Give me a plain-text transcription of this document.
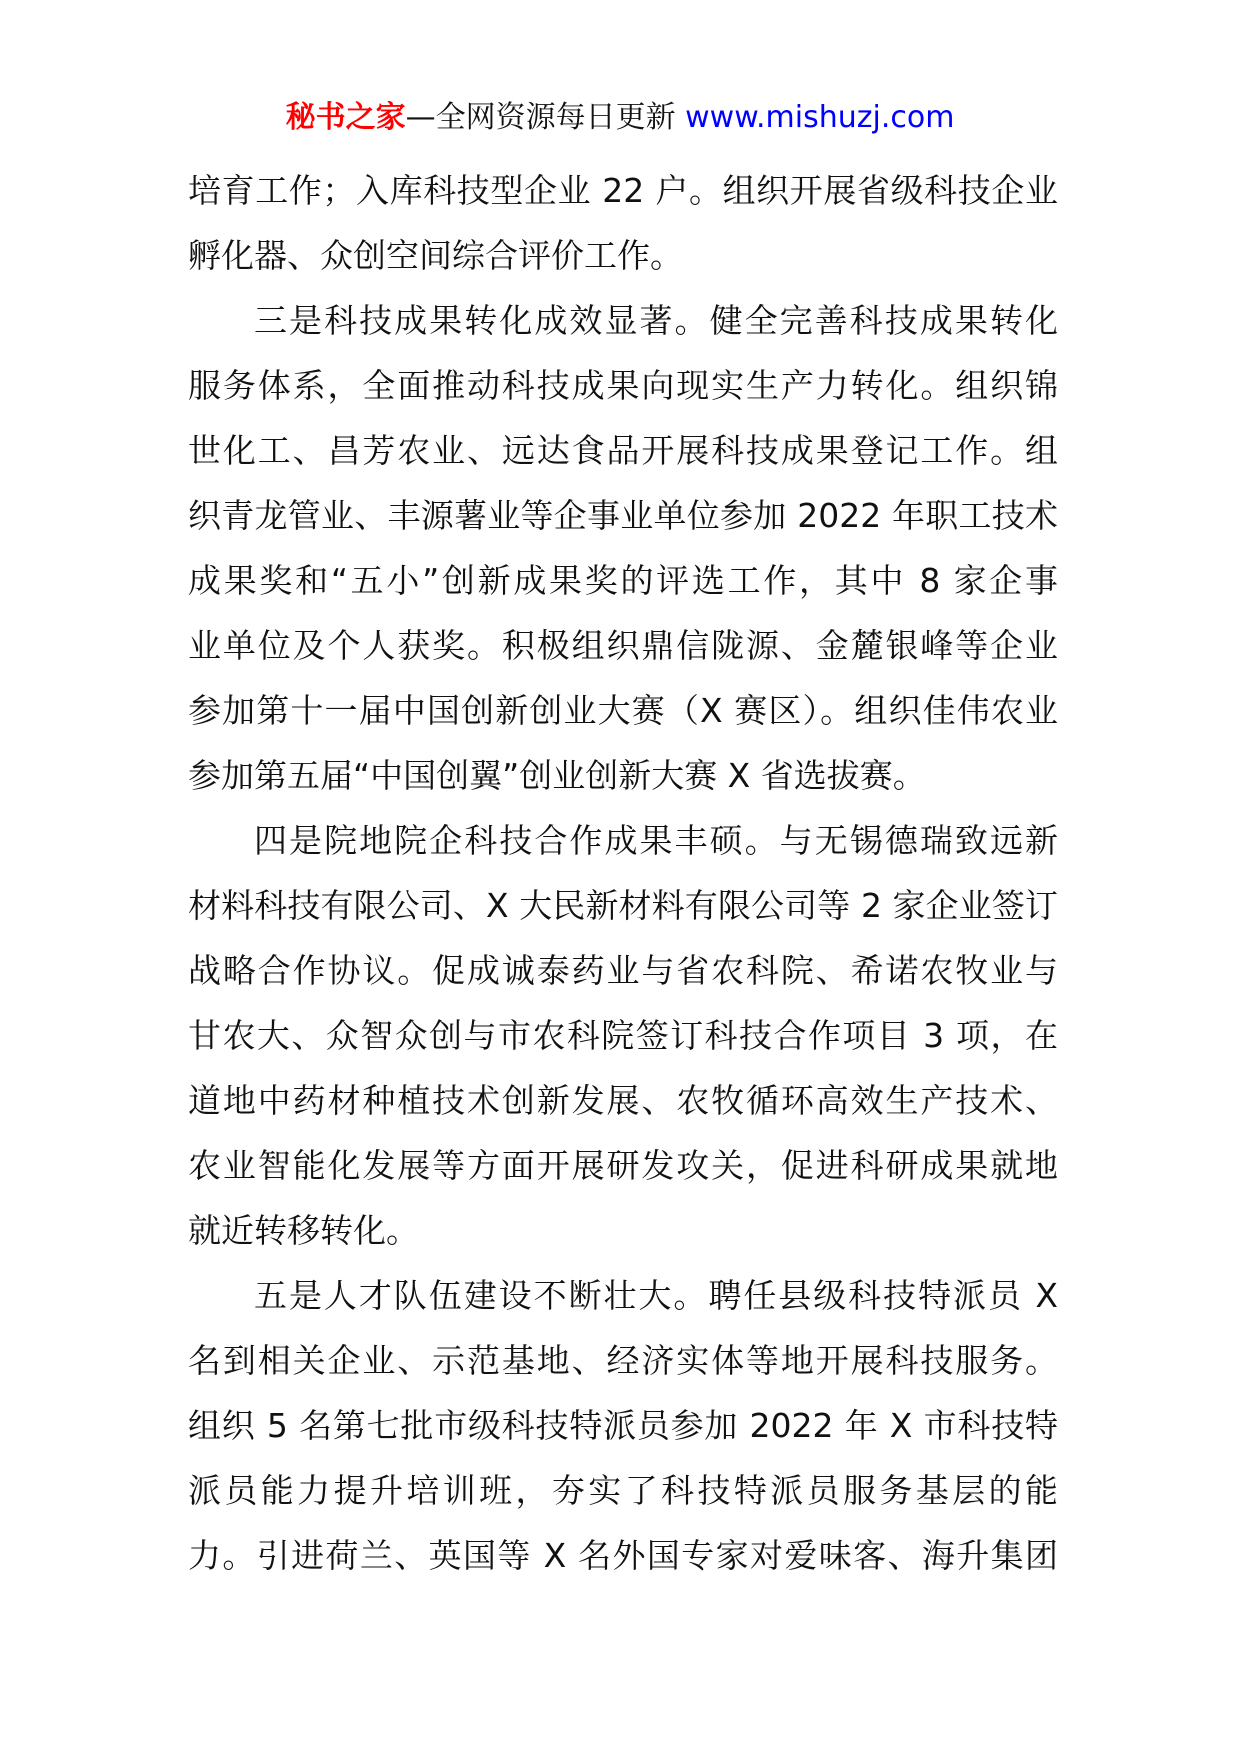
秘书之家—全网资源每日更新 www.mishuzj.com
培育工作；入库科技型企业 22 户。组织开展省级科技企业
孵化器、众创空间综合评价工作。
三是科技成果转化成效显著。健全完善科技成果转化
服务体系，全面推动科技成果向现实生产力转化。组织锦
世化工、昌芳农业、远达食品开展科技成果登记工作。组
织青龙管业、丰源薯业等企事业单位参加 2022 年职工技术
成果奖和“五小”创新成果奖的评选工作，其中 8 家企事
业单位及个人获奖。积极组织鼎信陇源、金麓银峰等企业
参加第十一届中国创新创业大赛（X 赛区）。组织佳伟农业
参加第五届“中国创翼”创业创新大赛 X 省选拔赛。
四是院地院企科技合作成果丰硕。与无锡德瑞致远新
材料科技有限公司、X 大民新材料有限公司等 2 家企业签订
战略合作协议。促成诚泰药业与省农科院、希诺农牧业与
甘农大、众智众创与市农科院签订科技合作项目 3 项，在
道地中药材种植技术创新发展、农牧循环高效生产技术、
农业智能化发展等方面开展研发攻关，促进科研成果就地
就近转移转化。
五是人才队伍建设不断壮大。聘任县级科技特派员 X
名到相关企业、示范基地、经济实体等地开展科技服务。
组织 5 名第七批市级科技特派员参加 2022 年 X 市科技特
派员能力提升培训班，夯实了科技特派员服务基层的能
力。引进荷兰、英国等 X 名外国专家对爱味客、海升集团
